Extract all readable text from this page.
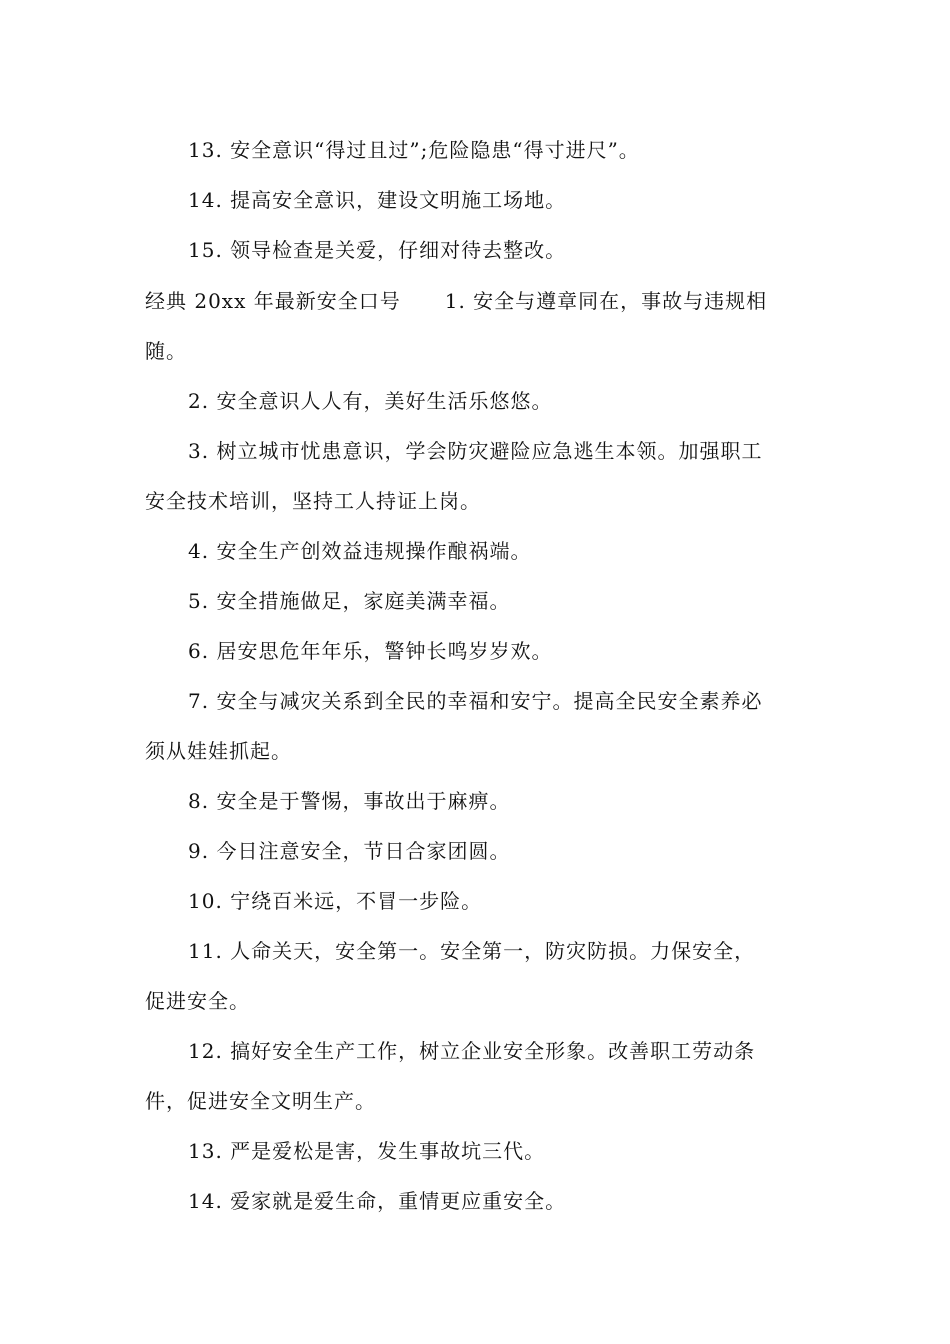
13. 安全意识“得过且过”;危险隐患“得寸进尺”。
14. 提高安全意识，建设文明施工场地。
15. 领导检查是关爱，仔细对待去整改。
经典 20xx 年最新安全口号 1. 安全与遵章同在，事故与违规相
随。
2. 安全意识人人有，美好生活乐悠悠。
3. 树立城市忧患意识，学会防灾避险应急逃生本领。加强职工
安全技术培训，坚持工人持证上岗。
4. 安全生产创效益违规操作酿祸端。
5. 安全措施做足，家庭美满幸福。
6. 居安思危年年乐，警钟长鸣岁岁欢。
7. 安全与减灾关系到全民的幸福和安宁。提高全民安全素养必
须从娃娃抓起。
8. 安全是于警惕，事故出于麻痹。
9. 今日注意安全，节日合家团圆。
10. 宁绕百米远，不冒一步险。
11. 人命关天，安全第一。安全第一，防灾防损。力保安全，
促进安全。
12. 搞好安全生产工作，树立企业安全形象。改善职工劳动条
件，促进安全文明生产。
13. 严是爱松是害，发生事故坑三代。
14. 爱家就是爱生命，重情更应重安全。
